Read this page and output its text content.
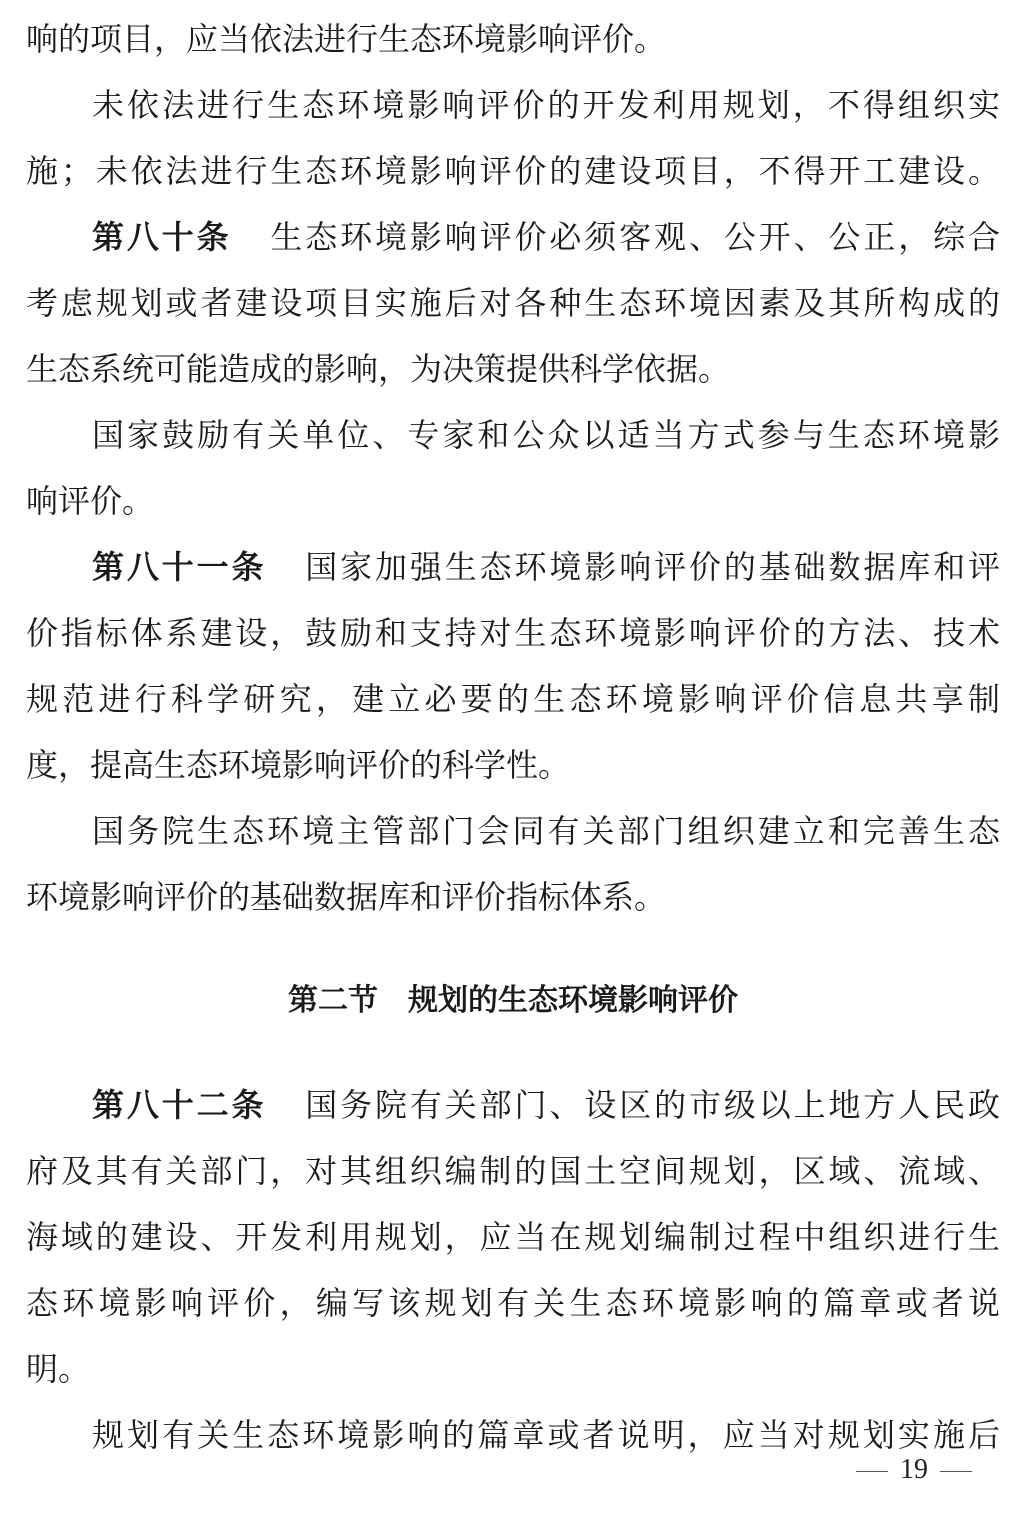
响的项目，应当依法进行生态环境影响评价。
未依法进行生态环境影响评价的开发利用规划，不得组织实
施；未依法进行生态环境影响评价的建设项目，不得开工建设。
第八十条 生态环境影响评价必须客观、公开、公正，综合
考虑规划或者建设项目实施后对各种生态环境因素及其所构成的
生态系统可能造成的影响，为决策提供科学依据。
国家鼓励有关单位、专家和公众以适当方式参与生态环境影
响评价。
第八十一条 国家加强生态环境影响评价的基础数据库和评
价指标体系建设，鼓励和支持对生态环境影响评价的方法、技术
规范进行科学研究，建立必要的生态环境影响评价信息共享制
度，提高生态环境影响评价的科学性。
国务院生态环境主管部门会同有关部门组织建立和完善生态
环境影响评价的基础数据库和评价指标体系。
第二节 规划的生态环境影响评价
第八十二条 国务院有关部门、设区的市级以上地方人民政
府及其有关部门，对其组织编制的国土空间规划，区域、流域、
海域的建设、开发利用规划，应当在规划编制过程中组织进行生
态环境影响评价，编写该规划有关生态环境影响的篇章或者说
明。
规划有关生态环境影响的篇章或者说明，应当对规划实施后
19
